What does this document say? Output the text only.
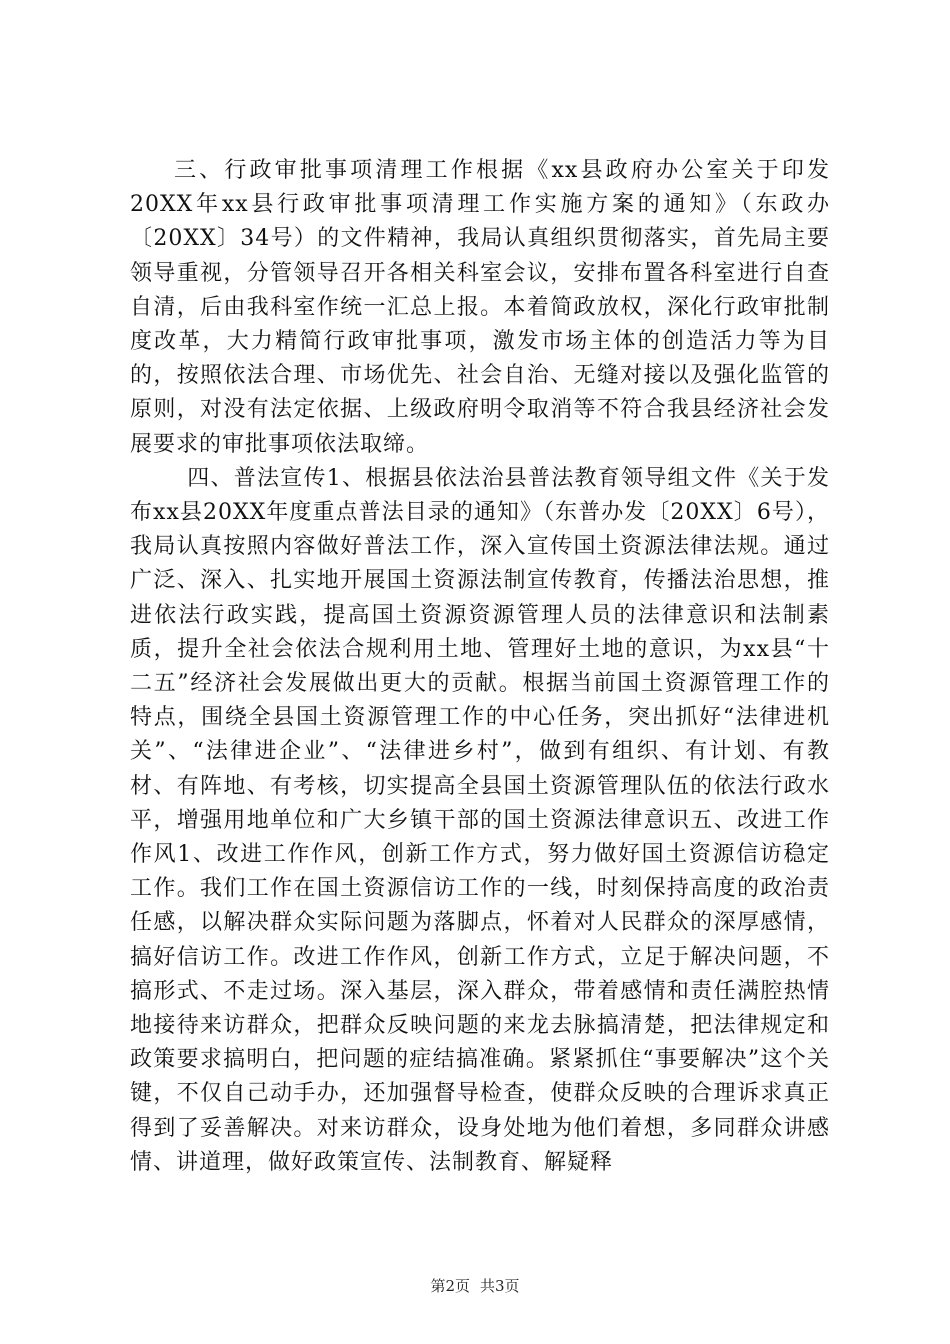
三、行政审批事项清理工作根据《xx县政府办公室关于印发20XX年xx县行政审批事项清理工作实施方案的通知》（东政办〔20XX〕34号）的文件精神，我局认真组织贯彻落实，首先局主要领导重视，分管领导召开各相关科室会议，安排布置各科室进行自查自清，后由我科室作统一汇总上报。本着简政放权，深化行政审批制度改革，大力精简行政审批事项，激发市场主体的创造活力等为目的，按照依法合理、市场优先、社会自治、无缝对接以及强化监管的原则，对没有法定依据、上级政府明令取消等不符合我县经济社会发展要求的审批事项依法取缔。

四、普法宣传1、根据县依法治县普法教育领导组文件《关于发布xx县20XX年度重点普法目录的通知》（东普办发〔20XX〕6号），我局认真按照内容做好普法工作，深入宣传国土资源法律法规。通过广泛、深入、扎实地开展国土资源法制宣传教育，传播法治思想，推进依法行政实践，提高国土资源资源管理人员的法律意识和法制素质，提升全社会依法合规利用土地、管理好土地的意识，为xx县“十二五”经济社会发展做出更大的贡献。根据当前国土资源管理工作的特点，围绕全县国土资源管理工作的中心任务，突出抓好“法律进机关”、“法律进企业”、“法律进乡村”，做到有组织、有计划、有教材、有阵地、有考核，切实提高全县国土资源管理队伍的依法行政水平，增强用地单位和广大乡镇干部的国土资源法律意识五、改进工作作风1、改进工作作风，创新工作方式，努力做好国土资源信访稳定工作。我们工作在国土资源信访工作的一线，时刻保持高度的政治责任感，以解决群众实际问题为落脚点，怀着对人民群众的深厚感情，搞好信访工作。改进工作作风，创新工作方式，立足于解决问题，不搞形式、不走过场。深入基层，深入群众，带着感情和责任满腔热情地接待来访群众，把群众反映问题的来龙去脉搞清楚，把法律规定和政策要求搞明白，把问题的症结搞准确。紧紧抓住“事要解决”这个关键，不仅自己动手办，还加强督导检查，使群众反映的合理诉求真正得到了妥善解决。对来访群众，设身处地为他们着想，多同群众讲感情、讲道理，做好政策宣传、法制教育、解疑释

第2页 共3页
